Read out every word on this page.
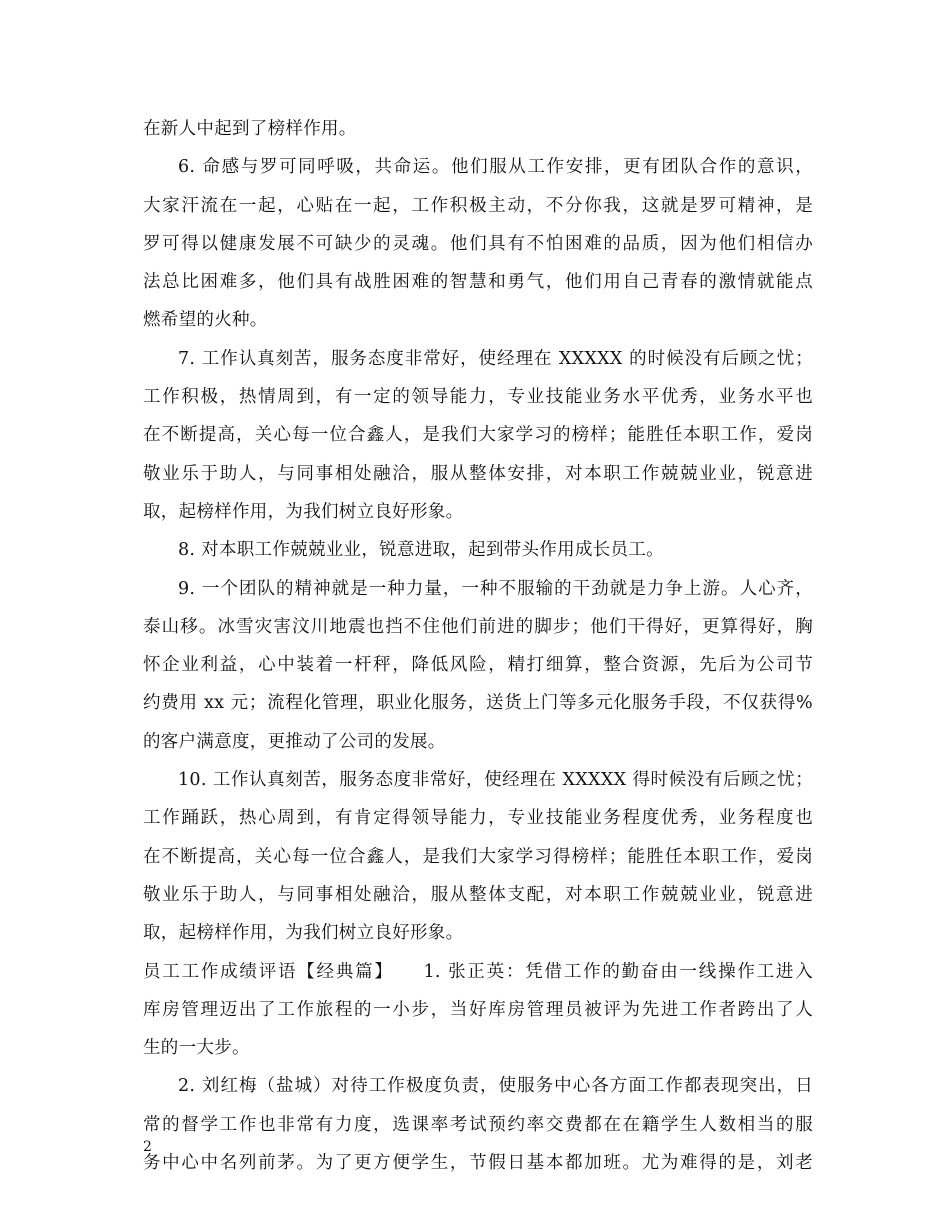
在新人中起到了榜样作用。
6. 命感与罗可同呼吸，共命运。他们服从工作安排，更有团队合作的意识，
大家汗流在一起，心贴在一起，工作积极主动，不分你我，这就是罗可精神，是
罗可得以健康发展不可缺少的灵魂。他们具有不怕困难的品质，因为他们相信办
法总比困难多，他们具有战胜困难的智慧和勇气，他们用自己青春的激情就能点
燃希望的火种。
7. 工作认真刻苦，服务态度非常好，使经理在 XXXXX 的时候没有后顾之忧；
工作积极，热情周到，有一定的领导能力，专业技能业务水平优秀，业务水平也
在不断提高，关心每一位合鑫人，是我们大家学习的榜样；能胜任本职工作，爱岗
敬业乐于助人，与同事相处融洽，服从整体安排，对本职工作兢兢业业，锐意进
取，起榜样作用，为我们树立良好形象。
8. 对本职工作兢兢业业，锐意进取，起到带头作用成长员工。
9. 一个团队的精神就是一种力量，一种不服输的干劲就是力争上游。人心齐，
泰山移。冰雪灾害汶川地震也挡不住他们前进的脚步；他们干得好，更算得好，胸
怀企业利益，心中装着一杆秤，降低风险，精打细算，整合资源，先后为公司节
约费用 xx 元；流程化管理，职业化服务，送货上门等多元化服务手段，不仅获得%
的客户满意度，更推动了公司的发展。
10. 工作认真刻苦，服务态度非常好，使经理在 XXXXX 得时候没有后顾之忧；
工作踊跃，热心周到，有肯定得领导能力，专业技能业务程度优秀，业务程度也
在不断提高，关心每一位合鑫人，是我们大家学习得榜样；能胜任本职工作，爱岗
敬业乐于助人，与同事相处融洽，服从整体支配，对本职工作兢兢业业，锐意进
取，起榜样作用，为我们树立良好形象。
员工工作成绩评语【经典篇】　　1. 张正英：凭借工作的勤奋由一线操作工进入
库房管理迈出了工作旅程的一小步，当好库房管理员被评为先进工作者跨出了人
生的一大步。
2. 刘红梅（盐城）对待工作极度负责，使服务中心各方面工作都表现突出，日
常的督学工作也非常有力度，选课率考试预约率交费都在在籍学生人数相当的服
务中心中名列前茅。为了更方便学生，节假日基本都加班。尤为难得的是，刘老
2
